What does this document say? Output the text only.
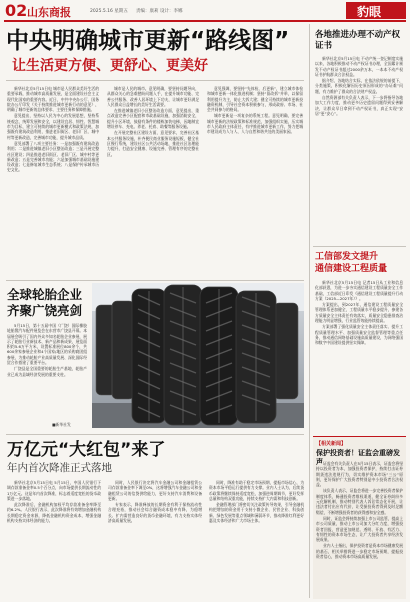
02 山东商报	2025.5.16 星期五 责编：康莉 设计：李娜	豹眼
中央明确城市更新“路线图”
让生活更方便、更舒心、更美好

新华社北京5月15日电 城市是人民群众美好生活的重要承载，推动城市高质量发展，是全面建设社会主义现代化国家的重要内容。近日，中共中央办公厅、国务院办公厅印发《关于持续推进城市更新行动的意见》，明确了城市更新的总体要求、主要任务和保障措施。

意见提出，坚持以人民为中心的发展思想，坚持系统观念，统筹发展和安全，以建设宜居、韧性、智慧城市为目标，建立可持续的城市更新模式和政策法规，加强既有建筑改造利用，推进老旧街区、老旧厂区、城中村等更新改造，完善城市功能，提升城市品质。

意见部署了八项主要任务：一是加强既有建筑改造利用；二是推进城镇老旧小区整治改造；三是开展完整社区建设；四是推进老旧街区、老旧厂区、城中村等更新改造；五是完善城市功能；六是加强城市基础设施建设改造；七是修复城市生态系统；八是保护传承城市历史文化。

城市是人民的城市。意见明确，要坚持问题导向，从群众关心的急难愁盼问题入手，在提升城市功能、完善公共服务、改善人居环境上下功夫，让城市更好满足人民群众日益增长的美好生活需要。

在推进城镇老旧小区整治改造方面，意见提出，重点改造完善小区配套和市政基础设施，加强消防安全，提升小区环境，鼓励有条件的楼栋加装电梯，因地制宜增设停车、充电、养老、托育、助餐等服务设施。

在开展完整社区建设方面，意见要求，完善社区基本公共服务设施，补齐便民商业服务设施短板，健全社区慢行系统，建设社区公共活动场地，推进社区治理能力提升，打造安全健康、设施完善、管理有序的完整社区。

意见强调，要坚持“先体检、后更新”，建立城市体检和城市更新一体化推进机制；坚持“留改拆”并举，以保留利用提升为主，防止大拆大建；健全可持续的城市更新投融资机制，引导社会资本积极参与，形成政府、市场、社会共同参与的格局。

城市更新是一项复杂的系统工程。意见明确，要完善城市更新的法规政策和标准规范，加强组织实施，压实城市人民政府主体责任，有序推进城市更新工作，努力把城市建设成为人与人、人与自然和谐共处的美丽家园。

各地推进办理不动产权证书

新华社北京5月15日电 不动产统一登记制度实施以来，各地积极推动不动产权证书办理，全国累计颁发不动产权证书超过2000余万本，一本本不动产权证书护航群众合法权益。

据介绍，各地结合实际，在依法依规的前提下，分类施策，积极化解因历史原因形成的“办证难”问题，有力维护了群众的合法财产权益。

自然资源部有关负责人表示，下一步将指导各地加大工作力度，推动更多历史遗留问题得到妥善解决，让群众早日拿到不动产权证书，真正实现“安居”更“安心”。

全球轮胎企业
齐聚广饶亮剑

5月15日，第十五届中国（广饶）国际橡胶轮胎暨汽车配件展览会在东营市广饶县开幕。本届展会吸引了国内外众多知名轮胎企业参展，展示了轮胎行业新技术、新产品和新成果，展览面积约5.6万平方米，设置标准展位800余个，共600余家参展企业和4个国家/地区的采购商团组参展，为推动轮胎产业高质量发展、深化国际经贸合作搭建了重要平台。

广饶县是全国重要的轮胎生产基地，轮胎产业已成为县域经济发展的重要支柱。

■新华社发
万亿元“大红包”来了
年内首次降准正式落地

新华社北京5月15日电 5月15日，中国人民银行下调存款准备金率0.5个百分点，向市场提供长期流动性约1万亿元。这是年内首次降准，标志着适度宽松的货币政策进一步落地。

此次降准后，金融机构加权平均存款准备金率降至约6.2%。人民银行表示，此次降准将有效增加金融机构长期稳定资金来源，降低金融机构资金成本，增强金融机构支持实体经济的能力。

同时，人民银行决定将汽车金融公司和金融租赁公司存款准备金率下调至0%，这将增强汽车金融公司和金融租赁公司的信贷供给能力，更好支持汽车消费和设备更新。

专家表示，降准释放的长期资金有利于保持流动性合理充裕，推动社会综合融资成本稳中有降，为稳增长、扩内需营造良好的货币金融环境，有力支持实体经济高质量发展。

同时，降准有助于稳定市场预期，提振市场信心，为资本市场平稳运行提供有力支撑。业内人士认为，后续货币政策将继续保持适度宽松，加强逆周期调节，更好发挥总量和结构双重功能，持续支持扩大内需和科技创新。

金融管理部门将密切关注政策传导效果，引导金融机构把增加的资金用于支持小微企业、民营企业、科技创新、绿色发展等重点领域和薄弱环节，推动降准红利更好惠及实体经济和广大市场主体。

工信部发文提升
通信建设工程质量

新华社北京5月15日电 记者15日从工业和信息化部获悉，为进一步夯实通信建设工程质量安全工作基础，工信部近日印发《通信建设工程质量提升行动方案（2025—2027年）》。

方案提出，到2027年，通信建设工程质量安全管理体系更加健全，工程质量水平稳步提升，参建各方质量安全主体责任有效落实，质量安全隐患排查治理能力明显增强，行业监管效能持续提高。

方案部署了强化质量安全主体责任落实、提升工程质量管理水平、加强质量安全监督管理等重点任务，推动通信网络基础设施高质量建设，为网络强国和数字中国建设提供坚实保障。

【相关新闻】
保护投资者！证监会重磅发声 证监会有关负责人在5月15日表示，证监会将坚持以投资者为本，加强投资者保护，持续打击证券期货违法违规行为，切实维护资本市场“三公”原则，更好保护广大投资者特别是中小投资者合法权益。

该负责人表示，证监会将进一步完善投资者保护制度体系，畅通投资者维权渠道，健全证券纠纷多元化解机制，推动特别代表人诉讼常态化开展，让违法者付出应有代价，让受损投资者得到及时足额赔偿，不断增强投资者的获得感和安全感。

同时，证监会将持续加强上市公司监管，提高上市公司质量，推动上市公司加大分红力度，增强投资者回报，营造更加规范、透明、开放、有活力、有韧性的资本市场生态，让广大投资者共享经济发展成果。

业内人士指出，保护投资者是资本市场健康发展的基石，相关举措将进一步稳定市场预期，提振投资者信心，推动资本市场高质量发展。
